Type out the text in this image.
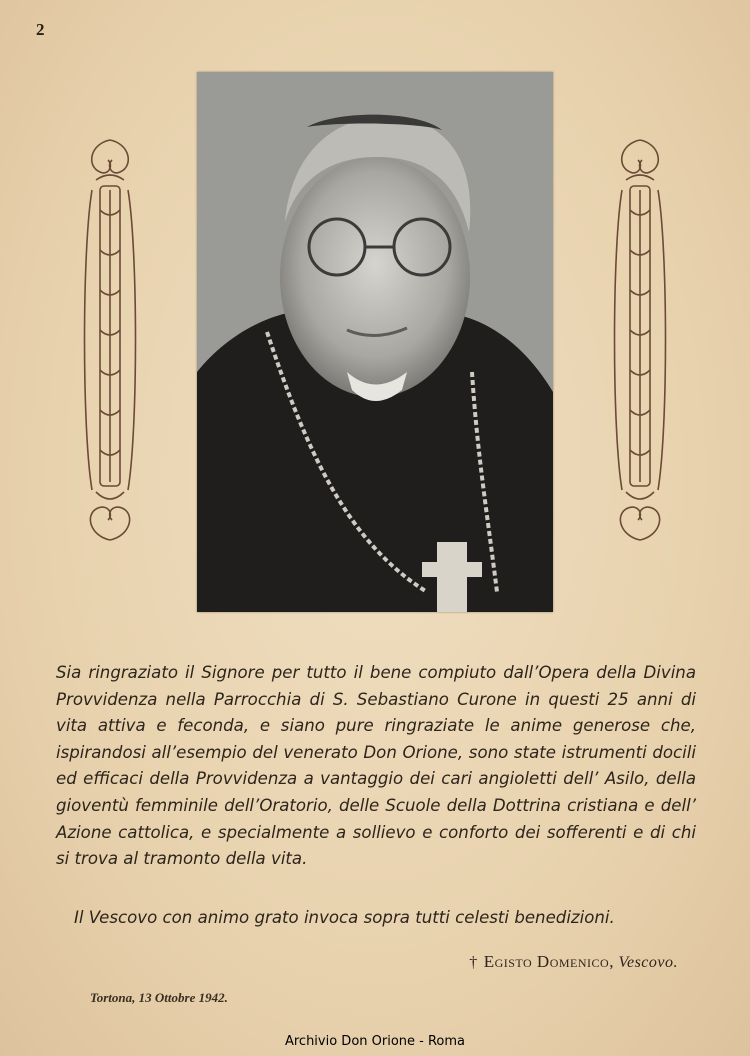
2

Sia ringraziato il Signore per tutto il bene compiuto dall’Opera della Divina Provvidenza nella Parrocchia di S. Sebastiano Curone in questi 25 anni di vita attiva e feconda, e siano pure ringraziate le anime generose che, ispirandosi all’esempio del venerato Don Orione, sono state istrumenti docili ed efficaci della Provvidenza a vantaggio dei cari angioletti dell’ Asilo, della gioventù femminile dell’Oratorio, delle Scuole della Dottrina cristiana e dell’ Azione cattolica, e specialmente a sollievo e conforto dei sofferenti e di chi si trova al tramonto della vita.

Il Vescovo con animo grato invoca sopra tutti celesti benedizioni.

† Egisto Domenico, Vescovo.
Tortona, 13 Ottobre 1942.
Archivio Don Orione - Roma
